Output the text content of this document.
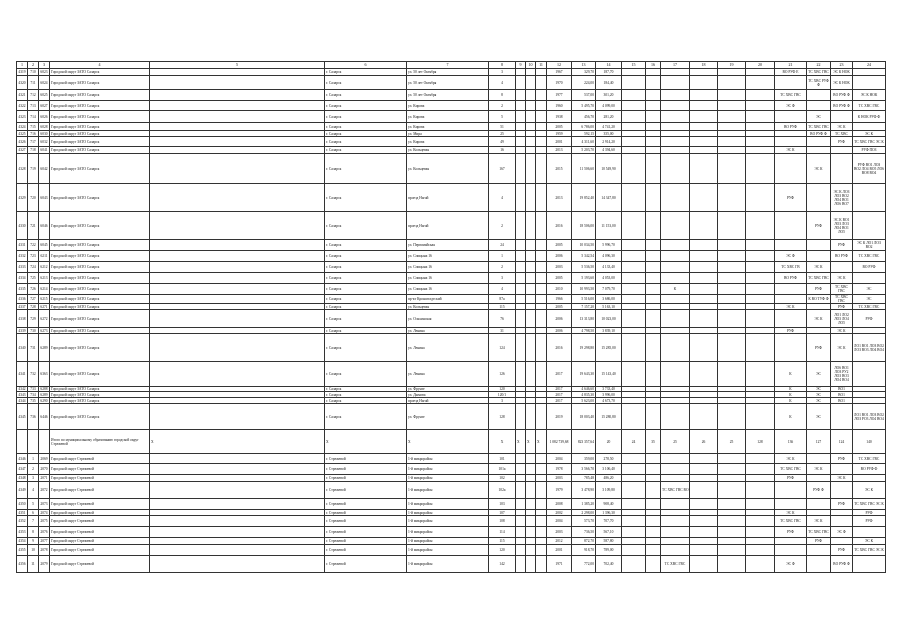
1	2	3	4	5	6	7	8	9	10	11	12	13	14	15	16	17	18	19	20	21	22	23	24
4319	710	6023	Городской округ ЗАТО Саларск		г. Саларск	ул. 50 лет Октября	3				1967	329,70	187,70							ВО РУФ Е	ТС ХВС ГВС	ЭС К НОК	
4320	711	6024	Городской округ ЗАТО Саларск		г. Саларск	ул. 50 лет Октября	4				1970	224,00	184,40								ТС ХВС РУФ Ф	ЭС К НОК	
4321	712	6025	Городской округ ЗАТО Саларск		г. Саларск	ул. 50 лет Октября	8				1977	537,00	301,20							ТС ХВС ГВС		ВО РУФ Ф	ЭС К НОК
4322	713	6027	Городской округ ЗАТО Саларск		г. Саларск	ул. Кирова	2				1960	5 495,70	4 099,00							ЭС Ф		ВО РУФ Ф	ТС ХВС ГВС
4323	714	6026	Городской округ ЗАТО Саларск		г. Саларск	ул. Кирова	5				1938	456,70	281,20								ЭС		К НОК РУФ Ф
4324	715	6028	Городской округ ЗАТО Саларск		г. Саларск	ул. Кирова	51				2005	6 786,00	4 741,20							ВО РУФ	ТС ХВС ГВС	ЭС К	
4325	716	6030	Городской округ ЗАТО Саларск		г. Саларск	ул. Мира	25				1959	592,15	355,00								ВО РУФ Ф	ТС ХВС	ЭС К
4326	717	6032	Городской округ ЗАТО Саларск		г. Саларск	ул. Кирова	49				2001	4 311,60	2 914,20									РУФ	ТС ХВС ГВС ЭС К
4327	718	6041	Городской округ ЗАТО Саларск		г. Саларск	ул. Кольцевая	16				2013	5 203,70	4 394,60							ЭС К			РУФ ПОЗ
4328	719	6042	Городской округ ЗАТО Саларск		г. Саларск	ул. Кольцевая	167				2015	11 506,60	10 549,90								ЭС К		РУФ ВО1 ЛОЗ ВО2 ЛО4 ВО5 ЛО6 ВО8 ВО4
4329	720	6043	Городской округ ЗАТО Саларск		г. Саларск	проезд Нагай	4				2013	19 852,40	14 347,80							РУФ		ЭС К ЛОЗ ЛОЗ ВО2 ЛО4 ВО1 ЛО6 ВО7	
4330	721	6046	Городской округ ЗАТО Саларск		г. Саларск	проезд Нагай	2				2016	18 506,00	11 153,00								РУФ	ЭС К ВО1 ЛОЗ ЛОЗ ЛО4 ВО1 ЛО5	
4331	722	6045	Городской округ ЗАТО Саларск		г. Саларск	ул. Первомайская	24				2005	10 034,50	5 996,70									РУФ	ЭС К ЛО1 ЛОЗ ВО2
4332	723	6211	Городской округ ЗАТО Саларск		г. Саларск	ул. Спицына 16	1				2006	5 342,54	4 096,30							ЭС Ф		ВО РУФ	ТС ХВС ГВС
4333	724	6212	Городской округ ЗАТО Саларск		г. Саларск	ул. Спицына 16	2				2003	5 536,50	4 133,40							ТС ХВС ГВ	ЭС К		ВО РУФ
4334	725	6213	Городской округ ЗАТО Саларск		г. Саларск	ул. Спицына 16	3				2005	5 193,60	4 053,00							ВО РУФ	ТС ХВС ГВС	ЭС К	
4335	726	6214	Городской округ ЗАТО Саларск		г. Саларск	ул. Спицына 16	4				2010	10 993,50	7 079,70			К					РУФ	ТС ХВС ГВС	ЭС
4336	727	6215	Городской округ ЗАТО Саларск		г. Саларск	пр-кт Кронштадтский	87а				1966	5 516,00	3 686,00								К ВО ТУФ Ф	ТС ХВС ГВС	ЭС
4337	728	6271	Городской округ ЗАТО Саларск		г. Саларск	ул. Кольцевая	115				2005	7 157,20	5 163,10							ЭС К		РУФ	ТС ХВС ГВС
4338	729	6272	Городской округ ЗАТО Саларск		г. Саларск	ул. Ольхинская	76				2006	13 313,80	10 023,00								ЭС К	ЛО1 ЛО2 ЛО3 ЛО4 ЛО5	РУФ
4339	730	6273	Городской округ ЗАТО Саларск		г. Саларск	ул. Ленина	31				2006	4 798,50	3 839,10							РУФ		ЭС К	
4340	731	6289	Городской округ ЗАТО Саларск		г. Саларск	ул. Ленина	124				2016	19 298,80	15 285,00								РУФ	ЭС К	ЛО1 ВО1 ЛОЗ ВО2 ЛОЗ ВО3 ЛО4 ВО4
4341	732	6363	Городской округ ЗАТО Саларск		г. Саларск	ул. Ленина	126				2017	19 643,30	15 143,40							К	ЭС	ЛО6 ВО1 ЛОЗ РУ2 ЛОЗ ВО3 ЛО4 ВО4	
4342	733	6288	Городской округ ЗАТО Саларск		г. Саларск	ул. Фрунзе	120				2017	4 646,60	3 733,40							К	ЭС	ВО1	
4343	734	6289	Городской округ ЗАТО Саларск		г. Саларск	ул. Дымова	120/1				2017	4 835,30	3 996,00							К	ЭС	ВО1	
4344	735	6290	Городской округ ЗАТО Саларск		г. Саларск	проезд Нагай	3				2017	5 623,00	4 673,70							К	ЭС	ВО1	
4345	736	6446	Городской округ ЗАТО Саларск		г. Саларск	ул. Фрунзе	128				2019	18 003,40	15 280,80							К	ЭС		ЛО1 ВО1 ЛОЗ ВО2 ЛОЗ РО3 ЛО4 ВО4
			Итого по муниципальному образованию городской округ Стрежевой	X	X	X	X	X	X	X	1 082 739,68	823 357,64	20	24	35	25	26	25	128	136	127	124	140
4346	1	2069	Городской округ Стрежевой		г. Стрежевой	1-й микрорайон	101				2004	359,00	278,50							ЭС К		РУФ	ТС ХВС ГВС
4347	2	2070	Городской округ Стрежевой		г. Стрежевой	1-й микрорайон	101а				1978	3 566,70	3 106,40							ТС ХВС ГВС	ЭС К		ВО РУФ Ф
4348	3	2071	Городской округ Стрежевой		г. Стрежевой	1-й микрорайон	102				2003	785,48	486,20							РУФ		ЭС К	
4349	4	2072	Городской округ Стрежевой		г. Стрежевой	1-й микрорайон	102а				1979	3 478,90	3 109,80			ТС ХВС ГВС ВО					РУФ Ф		ЭС К
4350	5	2073	Городской округ Стрежевой		г. Стрежевой	1-й микрорайон	103				2008	1 385,20	908,40									РУФ	ТС ХВС ГВС ЭС К
4351	6	2074	Городской округ Стрежевой		г. Стрежевой	1-й микрорайон	107				2002	2 298,00	1 396,30							ЭС К			РУФ
4352	7	2075	Городской округ Стрежевой		г. Стрежевой	1-й микрорайон	108				2004	573,70	707,70							ТС ХВС ГВС	ЭС К		РУФ
4353	8	2076	Городской округ Стрежевой		г. Стрежевой	1-й микрорайон	114				2003	736,50	567,10							РУФ	ТС ХВС ГВС	ЭС Ф	
4354	9	2077	Городской округ Стрежевой		г. Стрежевой	1-й микрорайон	115				2012	872,70	587,80								РУФ		ЭС К
4355	10	2078	Городской округ Стрежевой		г. Стрежевой	1-й микрорайон	120				2001	918,70	789,00									РУФ	ТС ХВС ГВС ЭС К
4356	11	2079	Городской округ Стрежевой		г. Стрежевой	1-й микрорайон	142				1971	772,00	702,40			ТС ХВС ГВС				ЭС Ф		ВО РУФ Ф	
